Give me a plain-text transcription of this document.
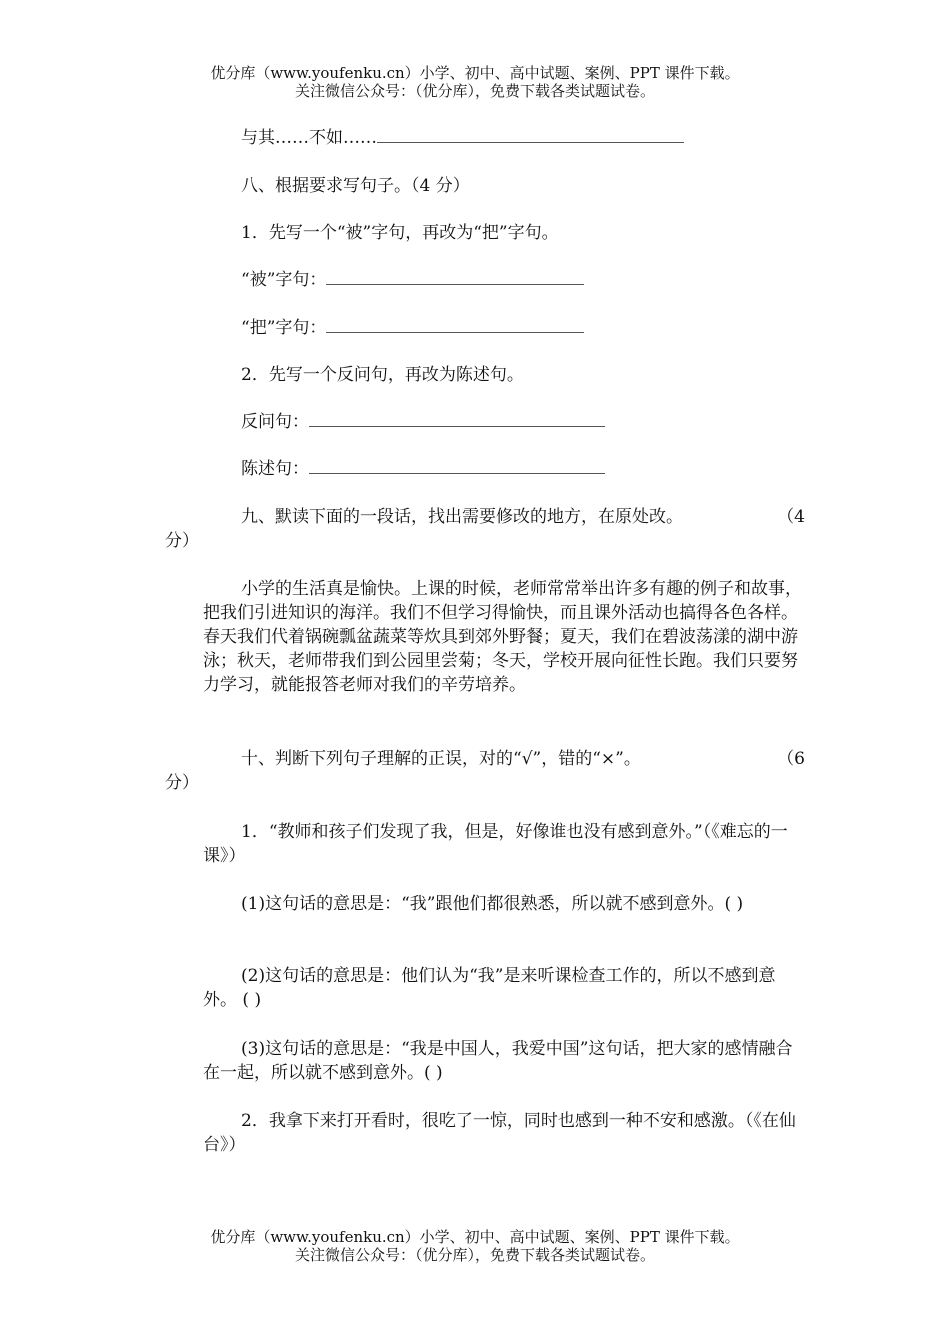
优分库（www.youfenku.cn）小学、初中、高中试题、案例、PPT 课件下载。
关注微信公众号：（优分库），免费下载各类试题试卷。
与其……不如……
八、根据要求写句子。（4 分）
1．先写一个“被”字句，再改为“把”字句。
“被”字句：
“把”字句：
2．先写一个反问句，再改为陈述句。
反问句：
陈述句：
（4
九、默读下面的一段话，找出需要修改的地方，在原处改。
分）
小学的生活真是愉快。上课的时候，老师常常举出许多有趣的例子和故事，把我们引进知识的海洋。我们不但学习得愉快，而且课外活动也搞得各色各样。春天我们代着锅碗瓢盆蔬菜等炊具到郊外野餐；夏天，我们在碧波荡漾的湖中游泳；秋天，老师带我们到公园里尝菊；冬天，学校开展向征性长跑。我们只要努力学习，就能报答老师对我们的辛劳培养。
（6
十、判断下列句子理解的正误，对的“√”，错的“×”。
分）
1．“教师和孩子们发现了我，但是，好像谁也没有感到意外。”（《难忘的一课》）
(1)这句话的意思是：“我”跟他们都很熟悉，所以就不感到意外。( )
(2)这句话的意思是：他们认为“我”是来听课检查工作的，所以不感到意外。 ( )
(3)这句话的意思是：“我是中国人，我爱中国”这句话，把大家的感情融合在一起，所以就不感到意外。( )
2．我拿下来打开看时，很吃了一惊，同时也感到一种不安和感激。（《在仙台》）
优分库（www.youfenku.cn）小学、初中、高中试题、案例、PPT 课件下载。
关注微信公众号：（优分库），免费下载各类试题试卷。
